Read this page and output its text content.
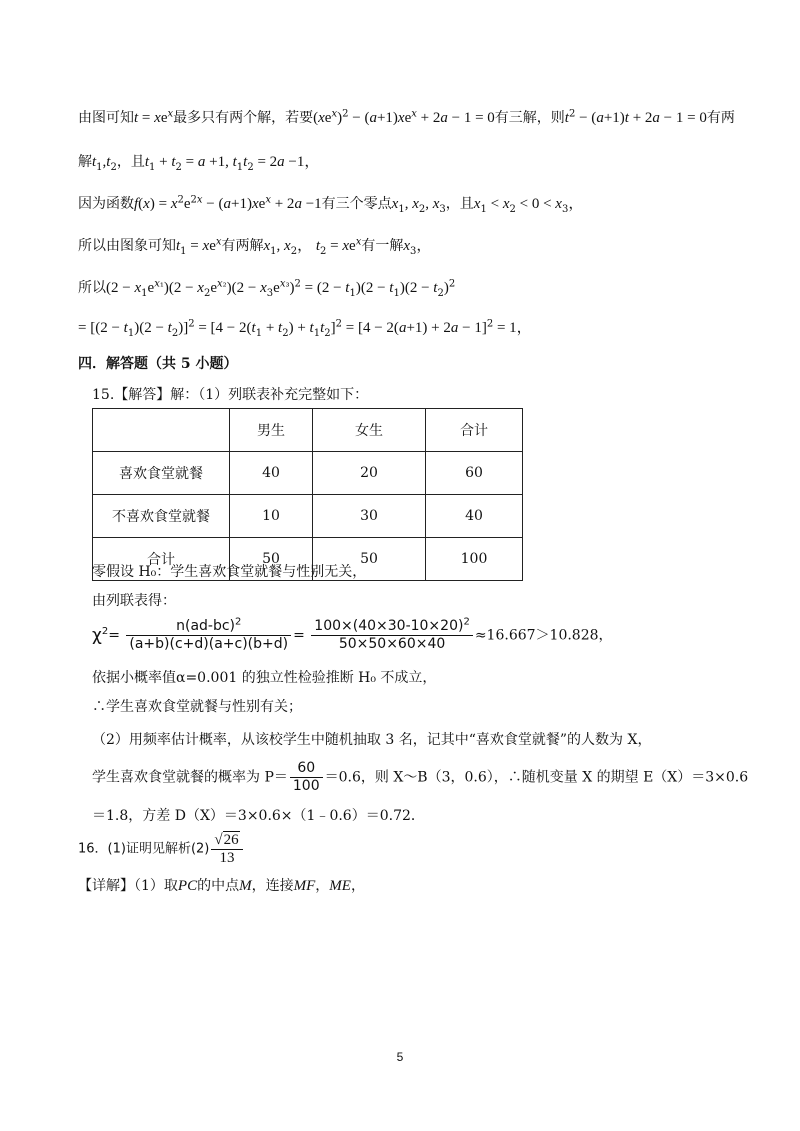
由图可知$t = xe^x$最多只有两个解，若要$(xe^x)^2 - (a+1)xe^x + 2a - 1 = 0$有三解，则$t^2 - (a+1)t + 2a - 1 = 0$有两
解$t_1,t_2$，且$t_1 + t_2 = a +1$, $t_1t_2 = 2a -1$，
因为函数$f(x) = x^2e^{2x} - (a+1)xe^x + 2a -1$有三个零点$x_1$, $x_2$, $x_3$，且$x_1 < x_2 < 0 < x_3$，
所以由图象可知$t_1 = xe^x$有两解$x_1$, $x_2$， $t_2 = xe^x$有一解$x_3$，
所以$(2 - x_1e^{x_1})(2 - x_2e^{x_2})(2 - x_3e^{x_3})^2 = (2 - t_1)(2 - t_1)(2 - t_2)^2$
= $[(2 - t_1)(2 - t_2)]^2 = [4 - 2(t_1 + t_2) + t_1t_2]^2 = [4 - 2(a+1) + 2a - 1]^2 = 1$，
四．解答题（共 5 小题）
15.【解答】解：（1）列联表补充完整如下：
	男生	女生	合计
喜欢食堂就餐	40	20	60
不喜欢食堂就餐	10	30	40
合计	50	50	100
零假设 H₀：学生喜欢食堂就餐与性别无关，
由列联表得：
$\chi^2= \frac{n(ad-bc)^2}{(a+b)(c+d)(a+c)(b+d)} = \frac{100\times(40\times 30-10\times 20)^2}{50\times 50\times 60\times 40} \approx 16.667>10.828$，
依据小概率值α=0.001 的独立性检验推断 H₀ 不成立，
∴学生喜欢食堂就餐与性别有关；
（2）用频率估计概率，从该校学生中随机抽取 3 名，记其中“喜欢食堂就餐”的人数为 X，
学生喜欢食堂就餐的概率为 $P= \frac{60}{100} =0.6$，则 X～B（3，0.6），∴随机变量 X 的期望 E（X）＝3×0.6
＝1.8，方差 D（X）＝3×0.6×（1﹣0.6）＝0.72．
16．(1)证明见解析$(2) \frac{√26}{13}$
【详解】（1）取PC的中点M，连接MF，ME，
5
